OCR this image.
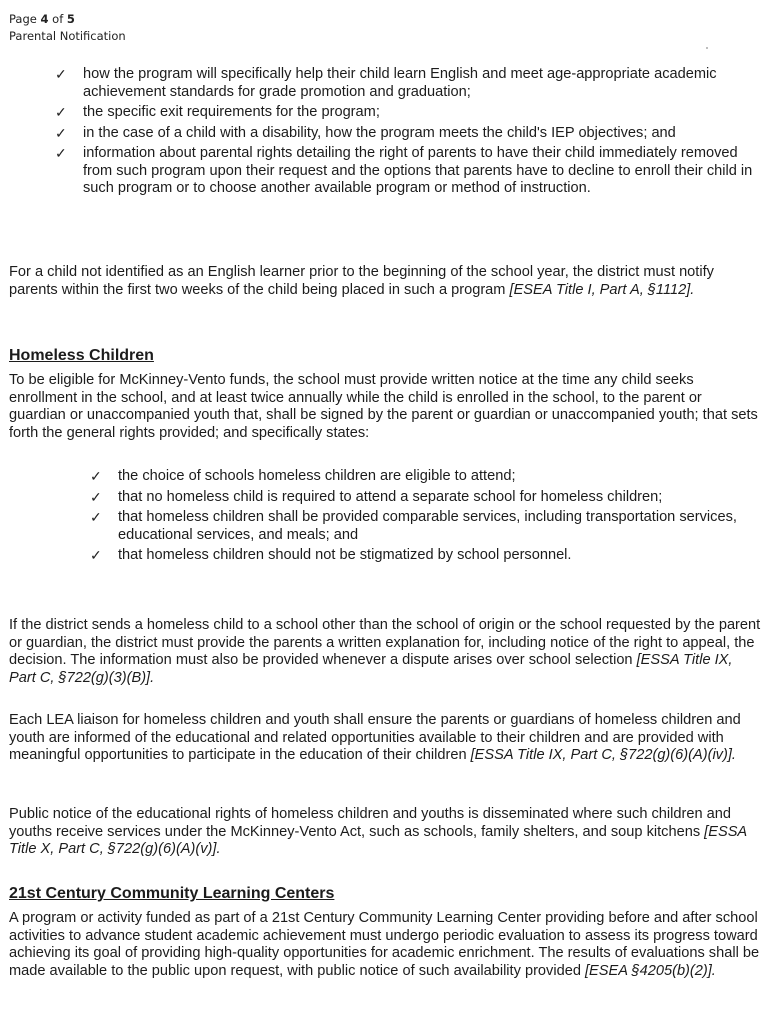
Page 4 of 5
Parental Notification
✓	how the program will specifically help their child learn English and meet age-appropriate academic achievement standards for grade promotion and graduation;
✓	the specific exit requirements for the program;
✓	in the case of a child with a disability, how the program meets the child's IEP objectives; and
✓	information about parental rights detailing the right of parents to have their child immediately removed from such program upon their request and the options that parents have to decline to enroll their child in such program or to choose another available program or method of instruction.

For a child not identified as an English learner prior to the beginning of the school year, the district must notify parents within the first two weeks of the child being placed in such a program [ESEA Title I, Part A, §1112].

Homeless Children

To be eligible for McKinney-Vento funds, the school must provide written notice at the time any child seeks enrollment in the school, and at least twice annually while the child is enrolled in the school, to the parent or guardian or unaccompanied youth that, shall be signed by the parent or guardian or unaccompanied youth; that sets forth the general rights provided; and specifically states:

✓	the choice of schools homeless children are eligible to attend;
✓	that no homeless child is required to attend a separate school for homeless children;
✓	that homeless children shall be provided comparable services, including transportation services, educational services, and meals; and
✓	that homeless children should not be stigmatized by school personnel.

If the district sends a homeless child to a school other than the school of origin or the school requested by the parent or guardian, the district must provide the parents a written explanation for, including notice of the right to appeal, the decision. The information must also be provided whenever a dispute arises over school selection [ESSA Title IX, Part C, §722(g)(3)(B)].

Each LEA liaison for homeless children and youth shall ensure the parents or guardians of homeless children and youth are informed of the educational and related opportunities available to their children and are provided with meaningful opportunities to participate in the education of their children [ESSA Title IX, Part C, §722(g)(6)(A)(iv)].

Public notice of the educational rights of homeless children and youths is disseminated where such children and youths receive services under the McKinney-Vento Act, such as schools, family shelters, and soup kitchens [ESSA Title X, Part C, §722(g)(6)(A)(v)].

21st Century Community Learning Centers

A program or activity funded as part of a 21st Century Community Learning Center providing before and after school activities to advance student academic achievement must undergo periodic evaluation to assess its progress toward achieving its goal of providing high-quality opportunities for academic enrichment. The results of evaluations shall be made available to the public upon request, with public notice of such availability provided [ESEA §4205(b)(2)].
